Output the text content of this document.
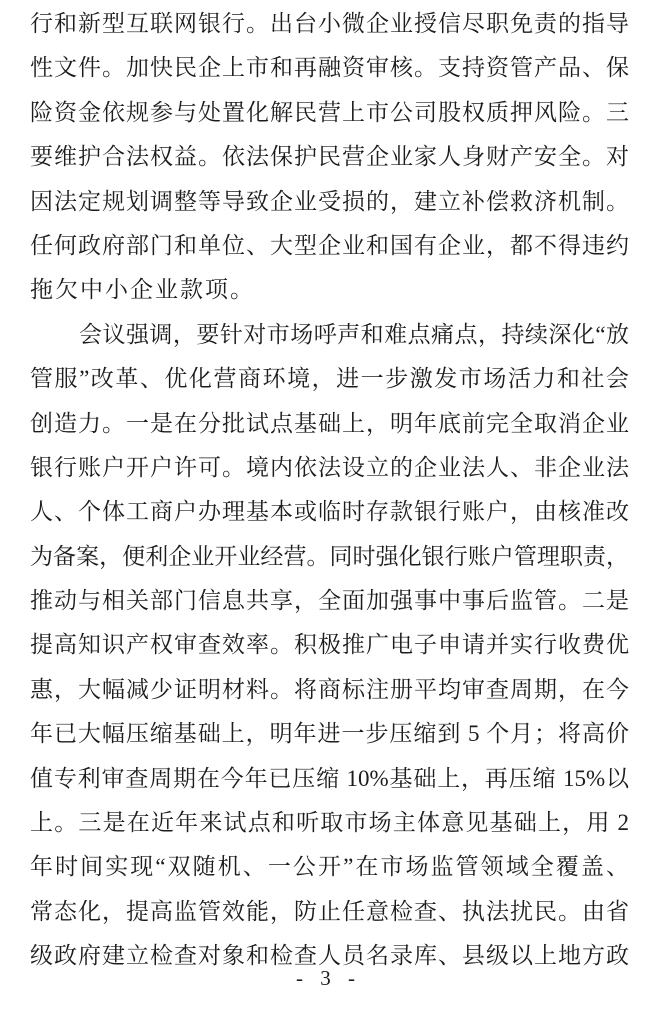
行和新型互联网银行。出台小微企业授信尽职免责的指导
性文件。加快民企上市和再融资审核。支持资管产品、保
险资金依规参与处置化解民营上市公司股权质押风险。三
要维护合法权益。依法保护民营企业家人身财产安全。对
因法定规划调整等导致企业受损的，建立补偿救济机制。
任何政府部门和单位、大型企业和国有企业，都不得违约
拖欠中小企业款项。
会议强调，要针对市场呼声和难点痛点，持续深化“放
管服”改革、优化营商环境，进一步激发市场活力和社会
创造力。一是在分批试点基础上，明年底前完全取消企业
银行账户开户许可。境内依法设立的企业法人、非企业法
人、个体工商户办理基本或临时存款银行账户，由核准改
为备案，便利企业开业经营。同时强化银行账户管理职责，
推动与相关部门信息共享，全面加强事中事后监管。二是
提高知识产权审查效率。积极推广电子申请并实行收费优
惠，大幅减少证明材料。将商标注册平均审查周期，在今
年已大幅压缩基础上，明年进一步压缩到 5 个月；将高价
值专利审查周期在今年已压缩 10%基础上，再压缩 15%以
上。三是在近年来试点和听取市场主体意见基础上，用 2
年时间实现“双随机、一公开”在市场监管领域全覆盖、
常态化，提高监管效能，防止任意检查、执法扰民。由省
级政府建立检查对象和检查人员名录库、县级以上地方政
- 3 -
